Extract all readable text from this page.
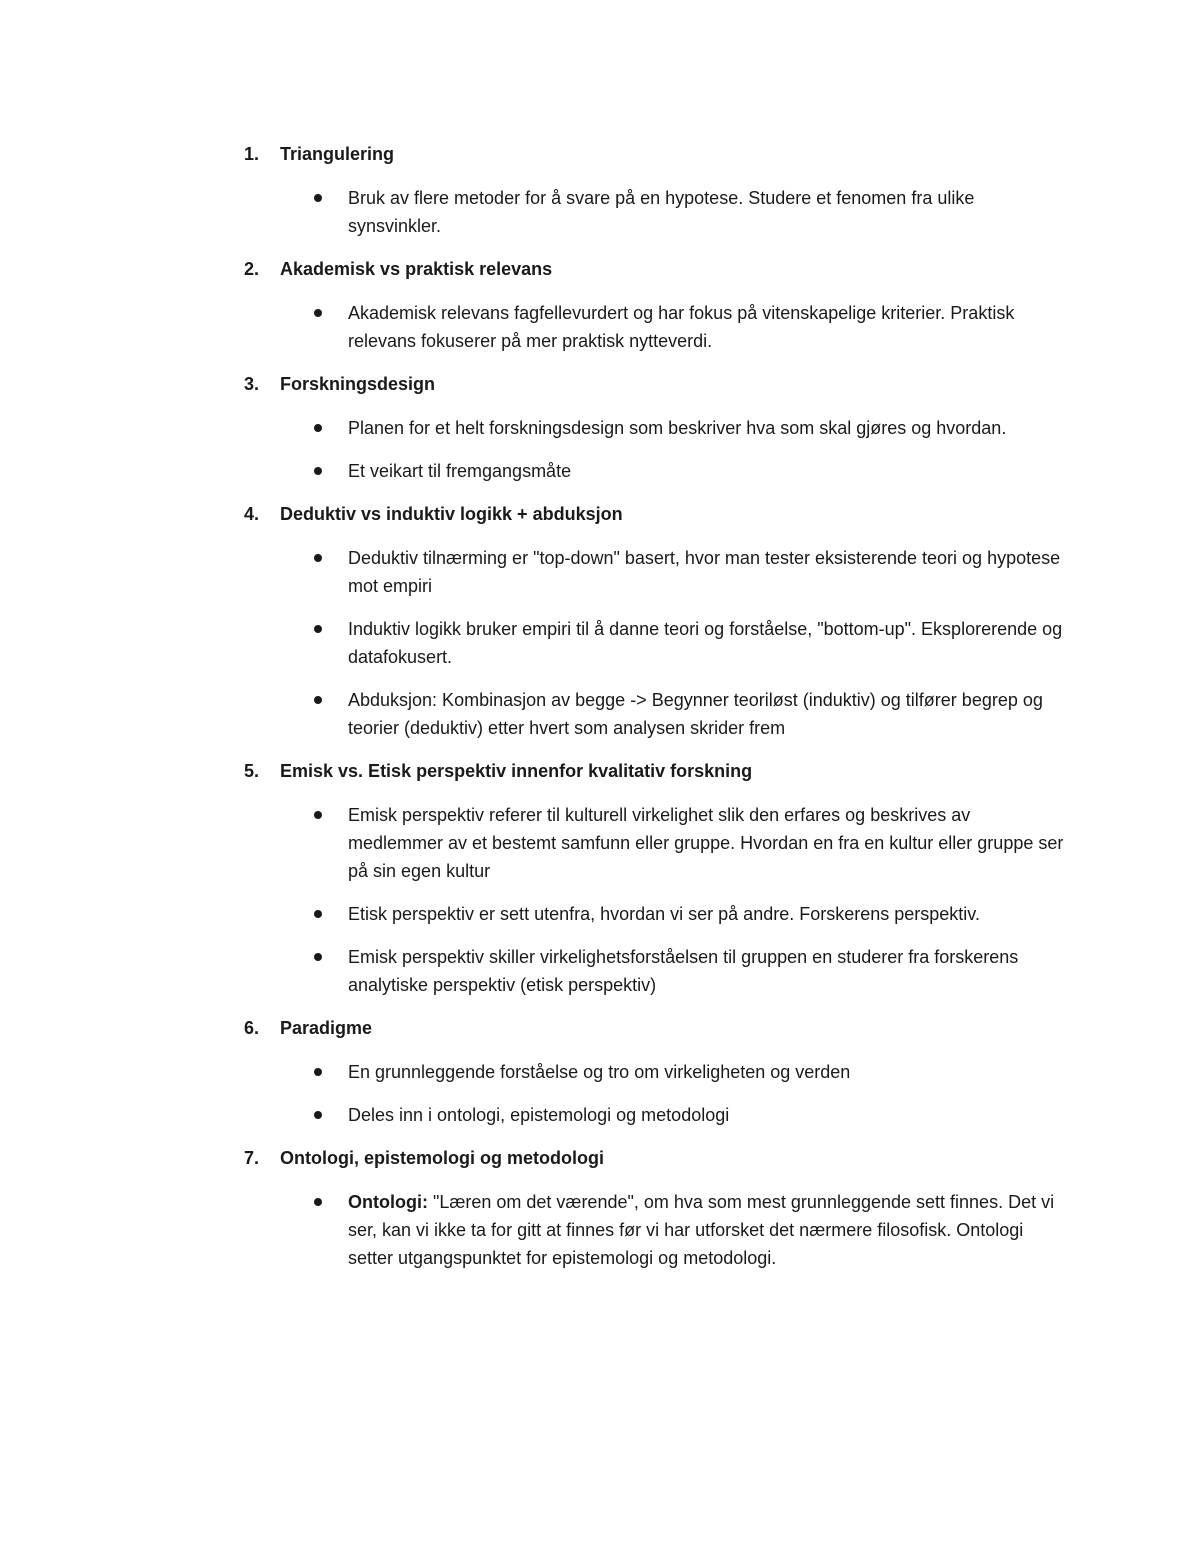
1.	Triangulering
Bruk av flere metoder for å svare på en hypotese. Studere et fenomen fra ulike synsvinkler.
2.	Akademisk vs praktisk relevans
Akademisk relevans fagfellevurdert og har fokus på vitenskapelige kriterier. Praktisk relevans fokuserer på mer praktisk nytteverdi.
3.	Forskningsdesign
Planen for et helt forskningsdesign som beskriver hva som skal gjøres og hvordan.
Et veikart til fremgangsmåte
4.	Deduktiv vs induktiv logikk + abduksjon
Deduktiv tilnærming er "top-down" basert, hvor man tester eksisterende teori og hypotese mot empiri
Induktiv logikk bruker empiri til å danne teori og forståelse, "bottom-up". Eksplorerende og datafokusert.
Abduksjon: Kombinasjon av begge -> Begynner teoriløst (induktiv) og tilfører begrep og teorier (deduktiv) etter hvert som analysen skrider frem
5.	Emisk vs. Etisk perspektiv innenfor kvalitativ forskning
Emisk perspektiv referer til kulturell virkelighet slik den erfares og beskrives av medlemmer av et bestemt samfunn eller gruppe. Hvordan en fra en kultur eller gruppe ser på sin egen kultur
Etisk perspektiv er sett utenfra, hvordan vi ser på andre. Forskerens perspektiv.
Emisk perspektiv skiller virkelighetsforståelsen til gruppen en studerer fra forskerens analytiske perspektiv (etisk perspektiv)
6.	Paradigme
En grunnleggende forståelse og tro om virkeligheten og verden
Deles inn i ontologi, epistemologi og metodologi
7.	Ontologi, epistemologi og metodologi
Ontologi: "Læren om det værende", om hva som mest grunnleggende sett finnes. Det vi ser, kan vi ikke ta for gitt at finnes før vi har utforsket det nærmere filosofisk. Ontologi setter utgangspunktet for epistemologi og metodologi.
